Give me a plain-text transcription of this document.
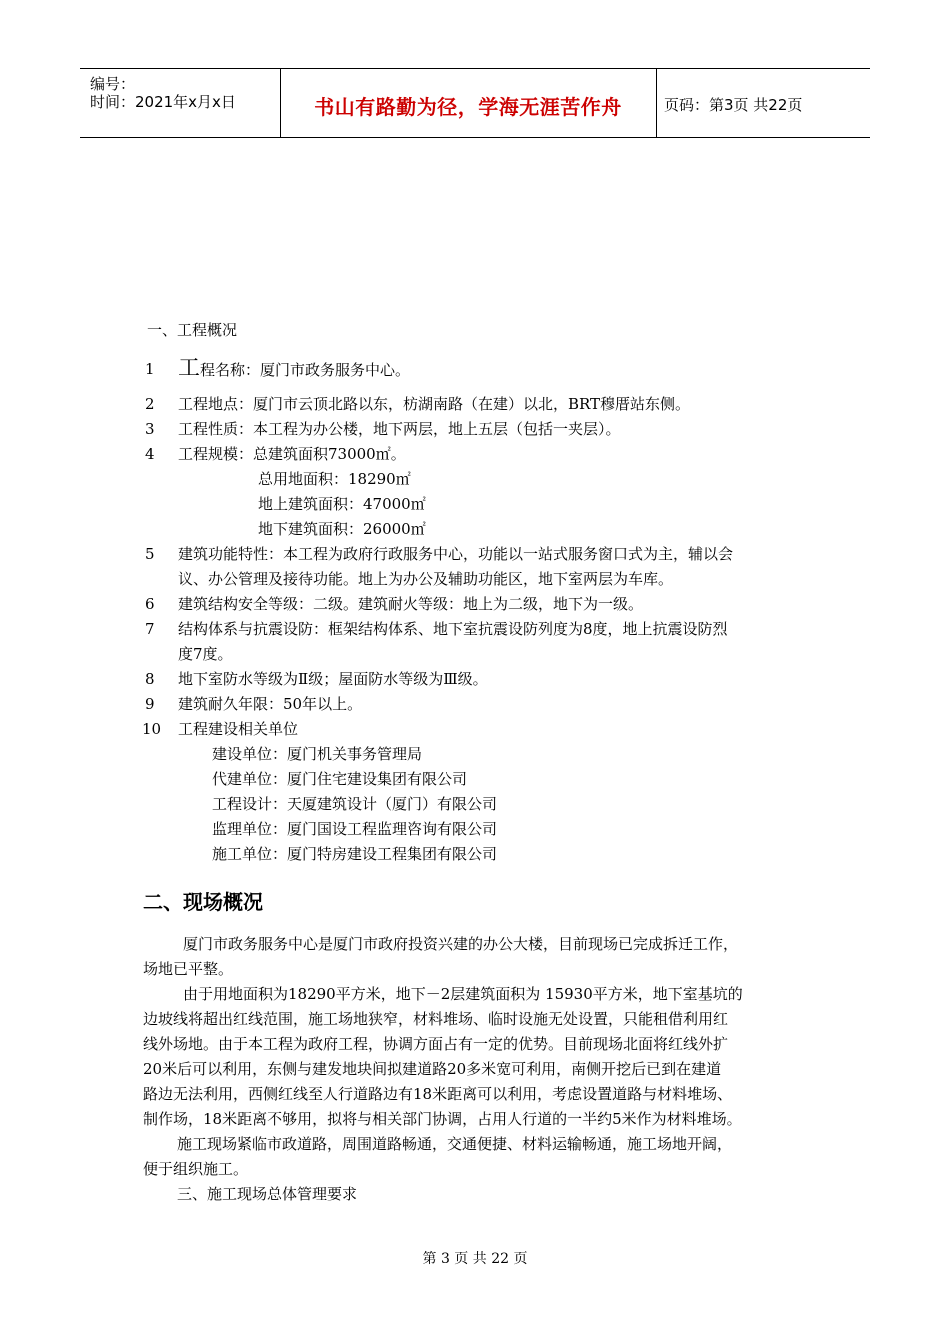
编号：
时间：2021年x月x日	书山有路勤为径，学海无涯苦作舟	页码：第3页 共22页
一、工程概况
1 工程名称：厦门市政务服务中心。
2 工程地点：厦门市云顶北路以东，枋湖南路（在建）以北，BRT穆厝站东侧。
3 工程性质：本工程为办公楼，地下两层，地上五层（包括一夹层）。
4 工程规模：总建筑面积73000㎡。
总用地面积：18290㎡
地上建筑面积：47000㎡
地下建筑面积：26000㎡
5 建筑功能特性：本工程为政府行政服务中心，功能以一站式服务窗口式为主，辅以会
议、办公管理及接待功能。地上为办公及辅助功能区，地下室两层为车库。
6 建筑结构安全等级：二级。建筑耐火等级：地上为二级，地下为一级。
7 结构体系与抗震设防：框架结构体系、地下室抗震设防列度为8度，地上抗震设防烈
度7度。
8 地下室防水等级为Ⅱ级；屋面防水等级为Ⅲ级。
9 建筑耐久年限：50年以上。
10 工程建设相关单位
建设单位：厦门机关事务管理局
代建单位：厦门住宅建设集团有限公司
工程设计：天厦建筑设计（厦门）有限公司
监理单位：厦门国设工程监理咨询有限公司
施工单位：厦门特房建设工程集团有限公司
二、现场概况
厦门市政务服务中心是厦门市政府投资兴建的办公大楼，目前现场已完成拆迁工作，
场地已平整。
由于用地面积为18290平方米，地下－2层建筑面积为 15930平方米，地下室基坑的
边坡线将超出红线范围，施工场地狭窄，材料堆场、临时设施无处设置，只能租借利用红
线外场地。由于本工程为政府工程，协调方面占有一定的优势。目前现场北面将红线外扩
20米后可以利用，东侧与建发地块间拟建道路20多米宽可利用，南侧开挖后已到在建道
路边无法利用，西侧红线至人行道路边有18米距离可以利用，考虑设置道路与材料堆场、
制作场，18米距离不够用，拟将与相关部门协调，占用人行道的一半约5米作为材料堆场。
施工现场紧临市政道路，周围道路畅通，交通便捷、材料运输畅通，施工场地开阔，
便于组织施工。
三、施工现场总体管理要求
第 3 页 共 22 页
